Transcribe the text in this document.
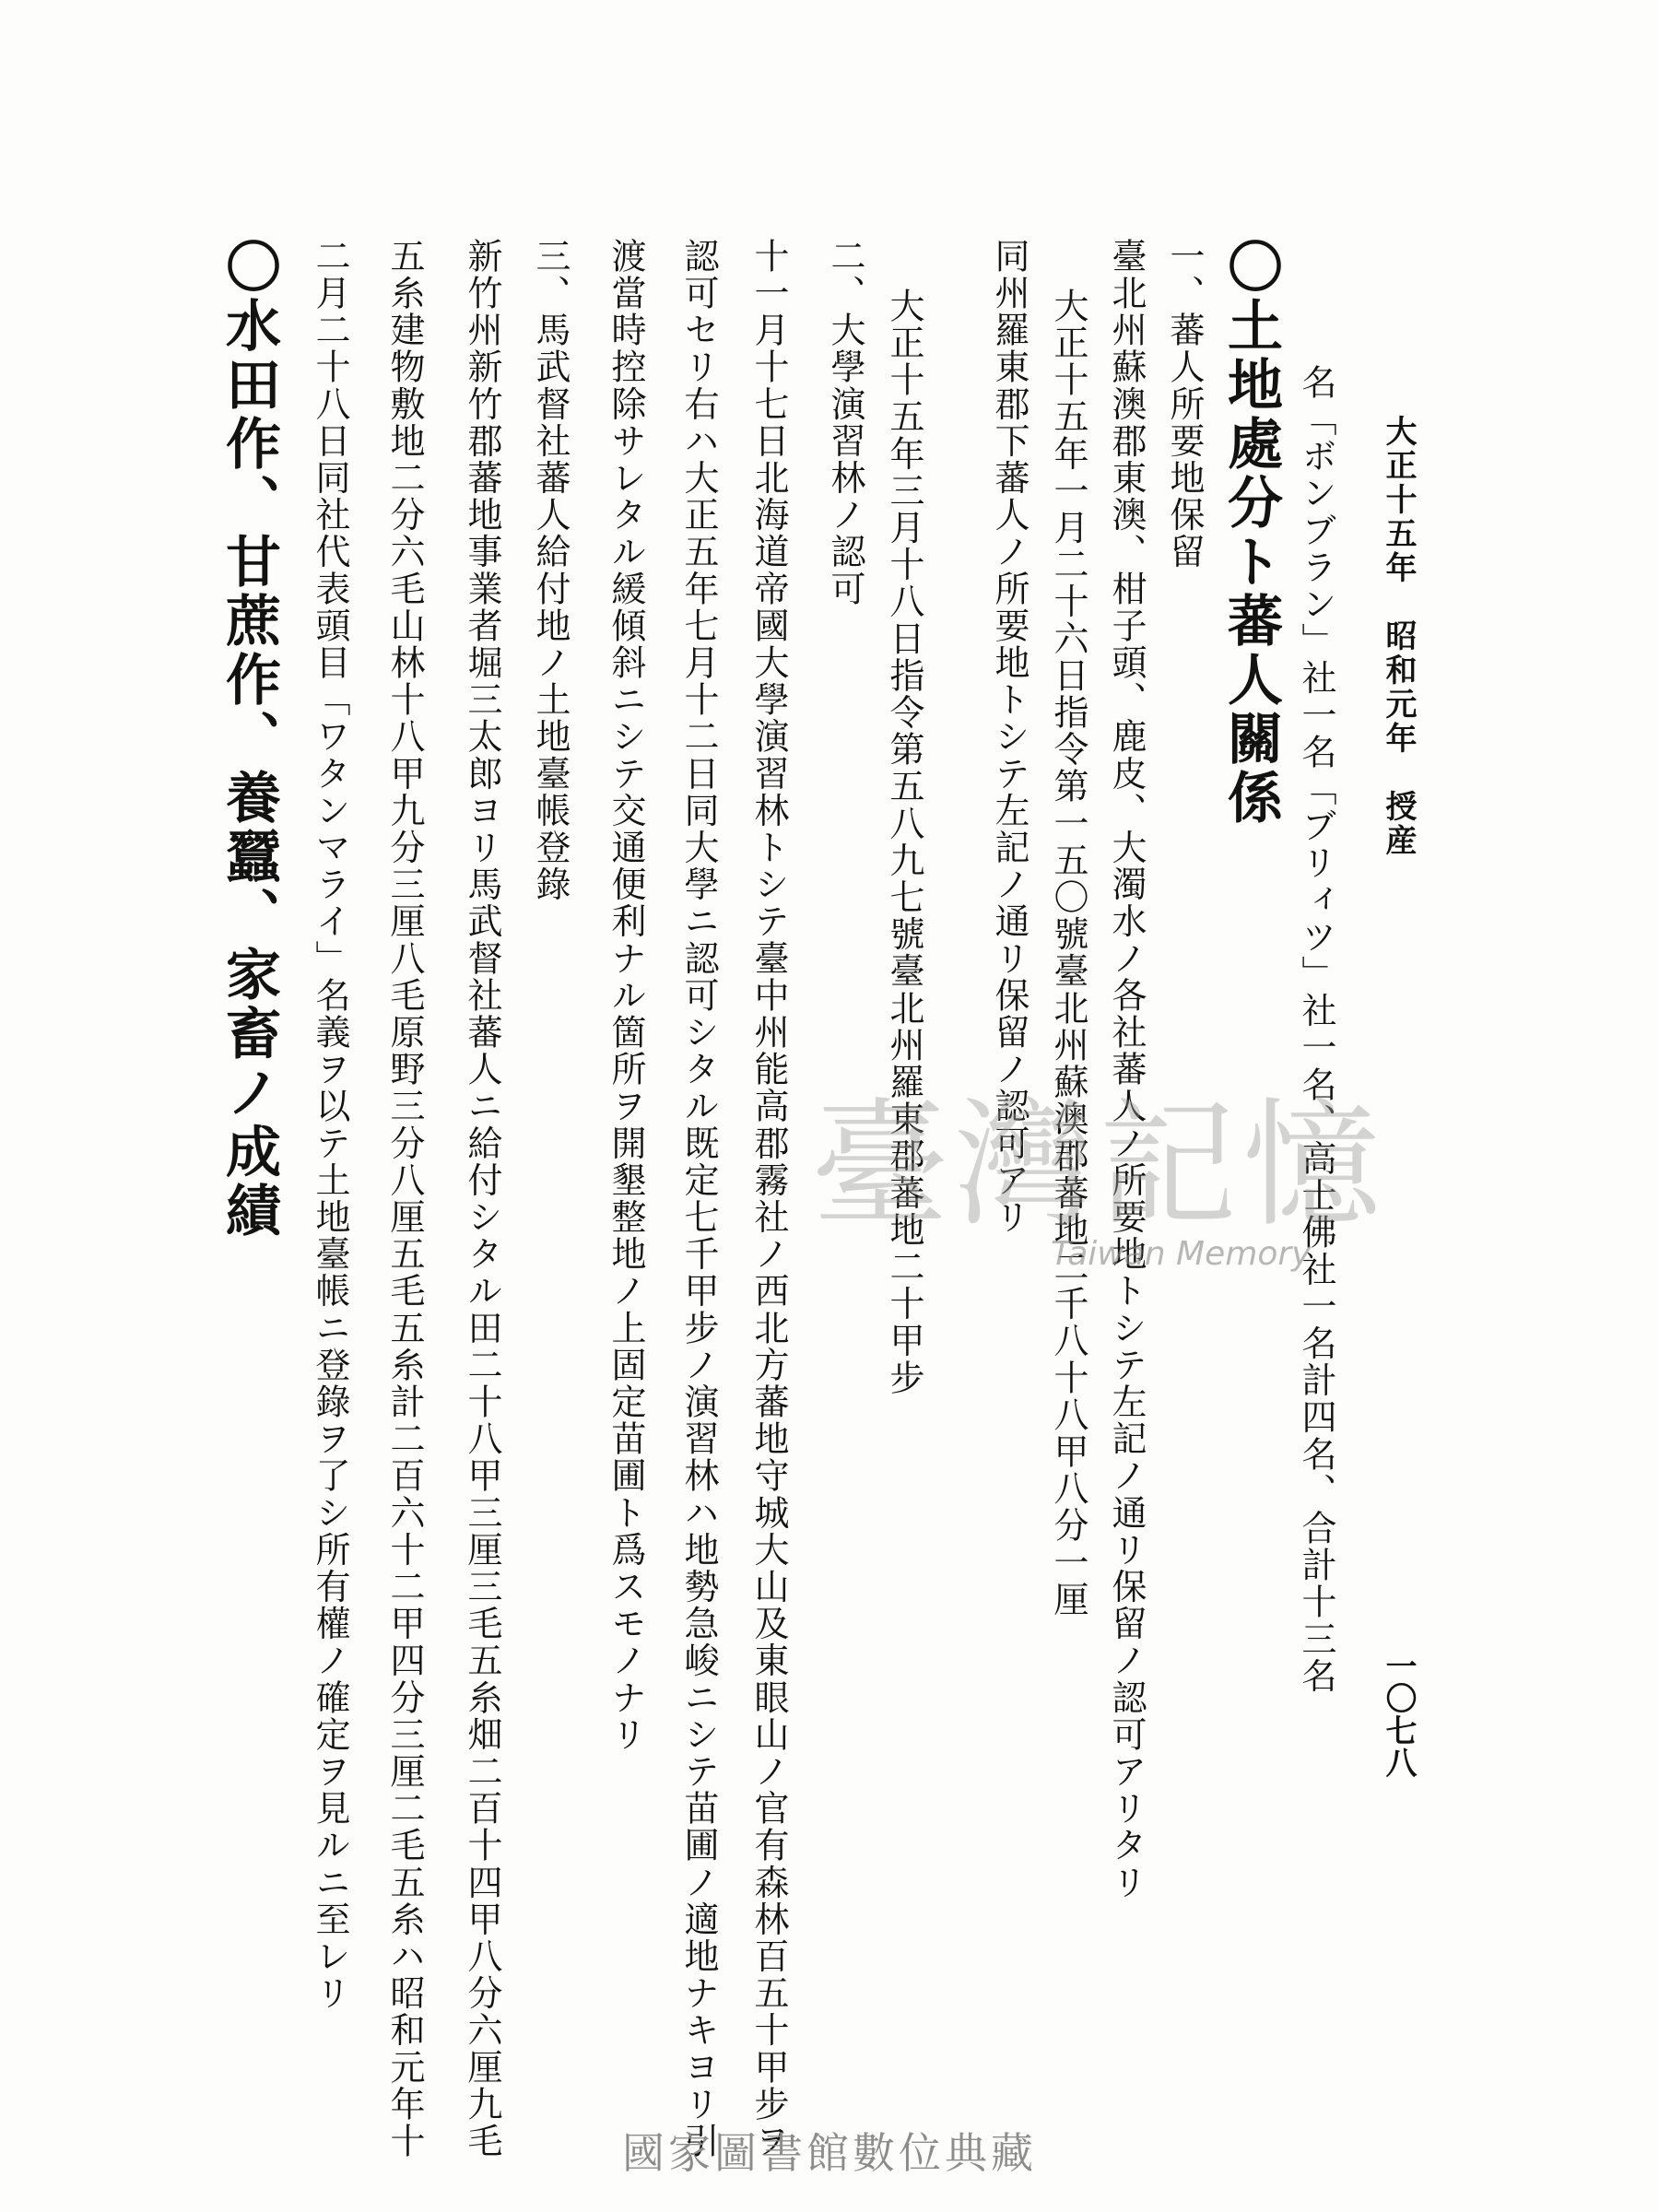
大正十五年　昭和元年　授産
一〇七八
名「ボンブラン」社一名「ブリィツ」社一名、高士佛社一名計四名、合計十三名
〇土地處分ト蕃人關係
一、蕃人所要地保留
臺北州蘇澳郡東澳、柑子頭、鹿皮、大濁水ノ各社蕃人ノ所要地トシテ左記ノ通リ保留ノ認可アリタリ
大正十五年一月二十六日指令第一五〇號臺北州蘇澳郡蕃地二千八十八甲八分一厘
同州羅東郡下蕃人ノ所要地トシテ左記ノ通リ保留ノ認可アリ
大正十五年三月十八日指令第五八九七號臺北州羅東郡蕃地二十甲步
二、大學演習林ノ認可
十一月十七日北海道帝國大學演習林トシテ臺中州能高郡霧社ノ西北方蕃地守城大山及東眼山ノ官有森林百五十甲步ヲ
認可セリ右ハ大正五年七月十二日同大學ニ認可シタル既定七千甲步ノ演習林ハ地勢急峻ニシテ苗圃ノ適地ナキヨリ引
渡當時控除サレタル緩傾斜ニシテ交通便利ナル箇所ヲ開墾整地ノ上固定苗圃ト爲スモノナリ
三、馬武督社蕃人給付地ノ土地臺帳登錄
新竹州新竹郡蕃地事業者堀三太郎ヨリ馬武督社蕃人ニ給付シタル田二十八甲三厘三毛五糸畑二百十四甲八分六厘九毛
五糸建物敷地二分六毛山林十八甲九分三厘八毛原野三分八厘五毛五糸計二百六十二甲四分三厘二毛五糸ハ昭和元年十
二月二十八日同社代表頭目「ワタンマライ」名義ヲ以テ土地臺帳ニ登錄ヲ了シ所有權ノ確定ヲ見ルニ至レリ
〇水田作、甘蔗作、養蠶、家畜ノ成績	臺灣記憶
Taiwan Memory
國家圖書館數位典藏
